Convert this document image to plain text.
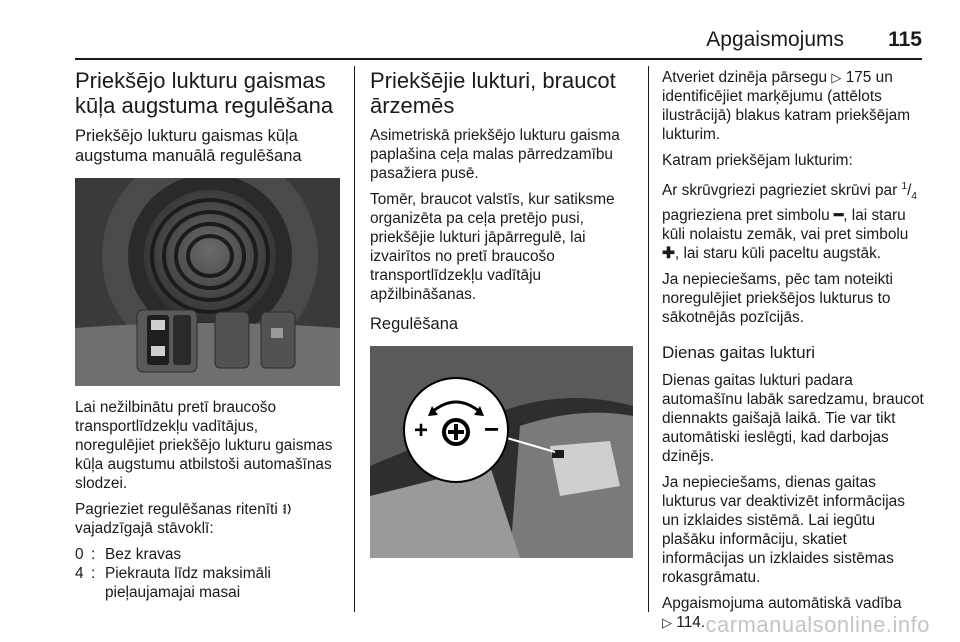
Apgaismojums 115
Priekšējo lukturu gaismas kūļa augstuma regulēšana
Priekšējo lukturu gaismas kūļa augstuma manuālā regulēšana

Lai nežilbinātu pretī braucošo transportlīdzekļu vadītājus, noregulējiet priekšējo lukturu gaismas kūļa augstumu atbilstoši automašīnas slodzei.

Pagrieziet regulēšanas ritenīti  vajadzīgajā stāvoklī:

0 : Bez kravas
4 : Piekrauta līdz maksimāli pieļaujamajai masai
Priekšējie lukturi, braucot ārzemēs

Asimetriskā priekšējo lukturu gaisma paplašina ceļa malas pārredzamību pasažiera pusē.

Tomēr, braucot valstīs, kur satiksme organizēta pa ceļa pretējo pusi, priekšējie lukturi jāpārregulē, lai izvairītos no pretī braucošo transportlīdzekļu vadītāju apžilbināšanas.

Regulēšana
+ −

Atveriet dzinēja pārsegu ▷ 175 un identificējiet marķējumu (attēlots ilustrācijā) blakus katram priekšējam lukturim.

Katram priekšējam lukturim:

Ar skrūvgriezi pagrieziet skrūvi par $^1/_4$ pagrieziena pret simbolu ━, lai staru kūli nolaistu zemāk, vai pret simbolu ✚, lai staru kūli paceltu augstāk.

Ja nepieciešams, pēc tam noteikti noregulējiet priekšējos lukturus to sākotnējās pozīcijās.

Dienas gaitas lukturi

Dienas gaitas lukturi padara automašīnu labāk saredzamu, braucot diennakts gaišajā laikā. Tie var tikt automātiski ieslēgti, kad darbojas dzinējs.

Ja nepieciešams, dienas gaitas lukturus var deaktivizēt informācijas un izklaides sistēmā. Lai iegūtu plašāku informāciju, skatiet informācijas un izklaides sistēmas rokasgrāmatu.

Apgaismojuma automātiskā vadība
▷ 114. carmanualsonline.info
